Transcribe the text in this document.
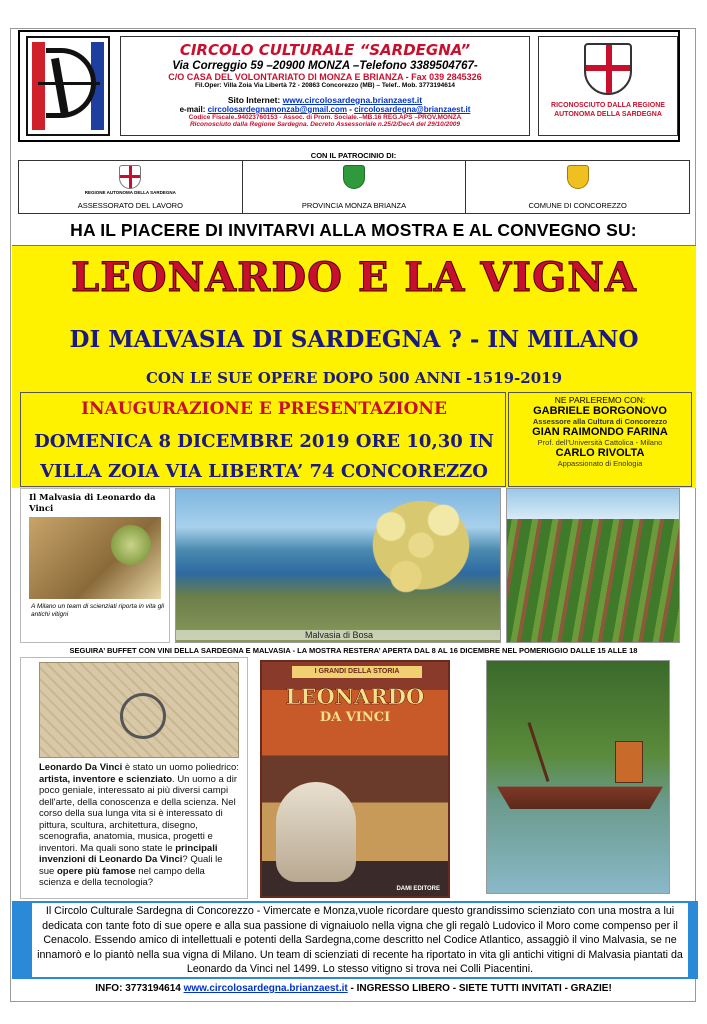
CIRCOLO CULTURALE “SARDEGNA”
Via Correggio 59 –20900 MONZA –Telefono 3389504767-
C/O CASA DEL VOLONTARIATO DI MONZA E BRIANZA - Fax 039 2845326
Fil.Oper: Villa Zoia Via Libertà 72 - 20863 Concorezzo (MB) – Telef.. Mob. 3773194614
Sito Internet: www.circolosardegna.brianzaest.it
e-mail: circolosardegnamonzab@gmail.com - circolosardegna@brianzaest.it
Codice Fiscale..94023760153 - Assoc. di Prom. Sociale.–MB.16 REG.APS –PROV.MONZA
Riconosciuto dalla Regione Sardegna. Decreto Assessoriale n.25/2/DecA del 29/10/2009
RICONOSCIUTO DALLA REGIONE AUTONOMA DELLA SARDEGNA
CON IL PATROCINIO DI:
REGIONE AUTONOMA DELLA SARDEGNA
ASSESSORATO DEL LAVORO	PROVINCIA MONZA BRIANZA	COMUNE DI CONCOREZZO
HA IL PIACERE DI INVITARVI ALLA MOSTRA E AL CONVEGNO SU:
LEONARDO E LA VIGNA
DI MALVASIA DI SARDEGNA ? - IN MILANO
CON LE SUE OPERE DOPO 500 ANNI -1519-2019
INAUGURAZIONE E PRESENTAZIONE
DOMENICA 8 DICEMBRE 2019 ORE 10,30 IN
VILLA ZOIA VIA LIBERTA’ 74 CONCOREZZO
NE PARLEREMO CON:
GABRIELE BORGONOVO
Assessore alla Cultura di Concorezzo
GIAN RAIMONDO FARINA
Prof. dell’Università Cattolica - Milano
CARLO RIVOLTA
Appassionato di Enologia
Il Malvasia di Leonardo da Vinci
A Milano un team di scienziati riporta in vita gli antichi vitigni
Malvasia di Bosa
SEGUIRA’ BUFFET CON VINI DELLA SARDEGNA E MALVASIA - LA MOSTRA RESTERA’ APERTA DAL 8 AL 16 DICEMBRE NEL POMERIGGIO DALLE 15 ALLE 18
Leonardo Da Vinci è stato un uomo poliedrico: artista, inventore e scienziato. Un uomo a dir poco geniale, interessato ai più diversi campi dell'arte, della conoscenza e della scienza. Nel corso della sua lunga vita si è interessato di pittura, scultura, architettura, disegno, scenografia, anatomia, musica, progetti e inventori. Ma quali sono state le principali invenzioni di Leonardo Da Vinci? Quali le sue opere più famose nel campo della scienza e della tecnologia?
I GRANDI DELLA STORIA
LEONARDO
DA VINCI
DAMI EDITORE
Il Circolo Culturale Sardegna di Concorezzo - Vimercate e Monza,vuole ricordare questo grandissimo scienziato con una mostra a lui dedicata con tante foto di sue opere e alla sua passione di vignaiuolo nella vigna che gli regalò Ludovico il Moro come compenso per il Cenacolo. Essendo amico di intellettuali e potenti della Sardegna,come descritto nel Codice Atlantico, assaggiò il vino Malvasia, se ne innamorò e lo piantò nella sua vigna di Milano. Un team di scienziati di recente ha riportato in vita gli antichi vitigni di Malvasia piantati da Leonardo da Vinci nel 1499. Lo stesso vitigno si trova nei Colli Piacentini.
INFO: 3773194614 www.circolosardegna.brianzaest.it - INGRESSO LIBERO - SIETE TUTTI INVITATI - GRAZIE!
